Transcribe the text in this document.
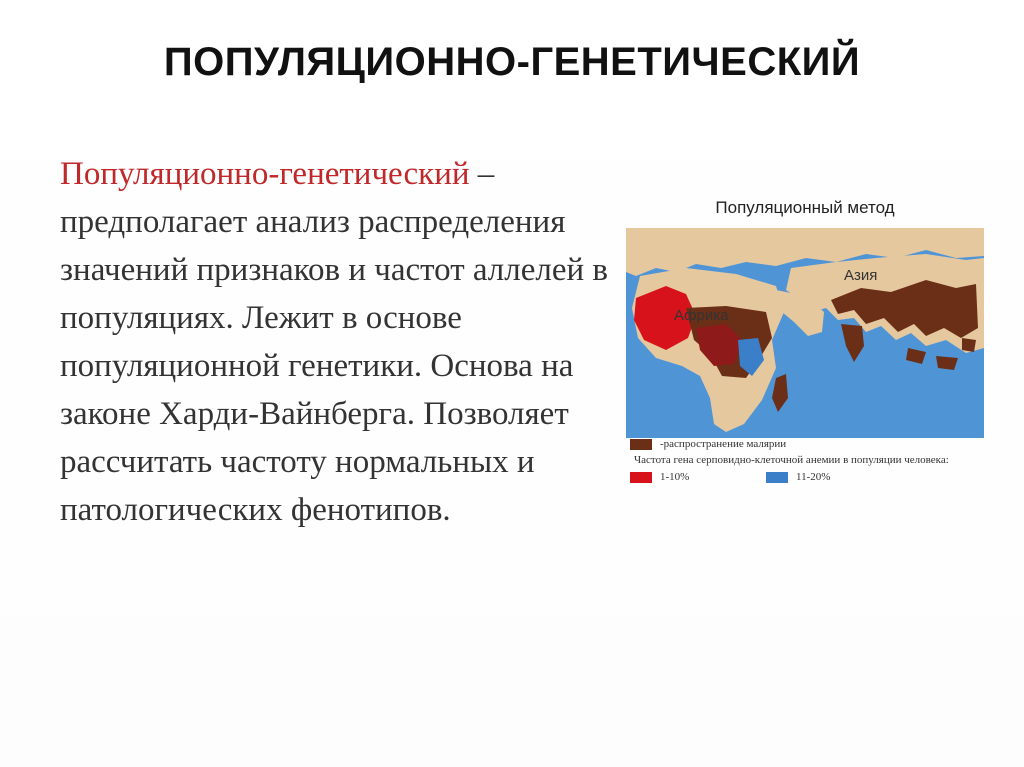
ПОПУЛЯЦИОННО-ГЕНЕТИЧЕСКИЙ
Популяционно-генетический – предполагает анализ распределения значений признаков и частот аллелей в популяциях. Лежит в основе популяционной генетики. Основа на законе Харди-Вайнберга. Позволяет рассчитать частоту нормальных и патологических фенотипов.
Популяционный метод
Африка
Азия
-распространение малярии
Частота гена серповидно-клеточной анемии в популяции человека:
1-10%	11-20%
